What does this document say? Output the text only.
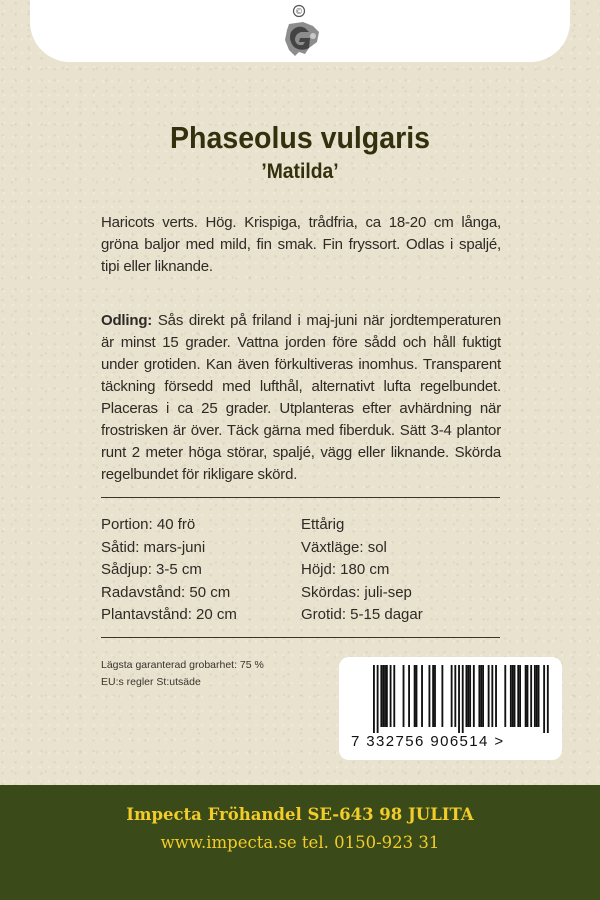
©
Phaseolus vulgaris
’Matilda’
Haricots verts. Hög. Krispiga, trådfria, ca 18-20 cm långa, gröna baljor med mild, fin smak. Fin fryssort. Odlas i spaljé, tipi eller liknande.
Odling: Sås direkt på friland i maj-juni när jordtemperaturen är minst 15 grader. Vattna jorden före sådd och håll fuktigt under grotiden. Kan även förkultiveras inomhus. Transparent täckning försedd med lufthål, alternativt lufta regelbundet. Placeras i ca 25 grader. Utplanteras efter avhärdning när frostrisken är över. Täck gärna med fiberduk. Sätt 3-4 plantor runt 2 meter höga störar, spaljé, vägg eller liknande. Skörda regelbundet för rikligare skörd.
Portion: 40 frö
Såtid: mars-juni
Sådjup: 3-5 cm
Radavstånd: 50 cm
Plantavstånd: 20 cm
Ettårig
Växtläge: sol
Höjd: 180 cm
Skördas: juli-sep
Grotid: 5-15 dagar
Lägsta garanterad grobarhet: 75 %
EU:s regler St:utsäde
7 332756 906514 >
Impecta Fröhandel SE-643 98 JULITA
www.impecta.se tel. 0150-923 31
